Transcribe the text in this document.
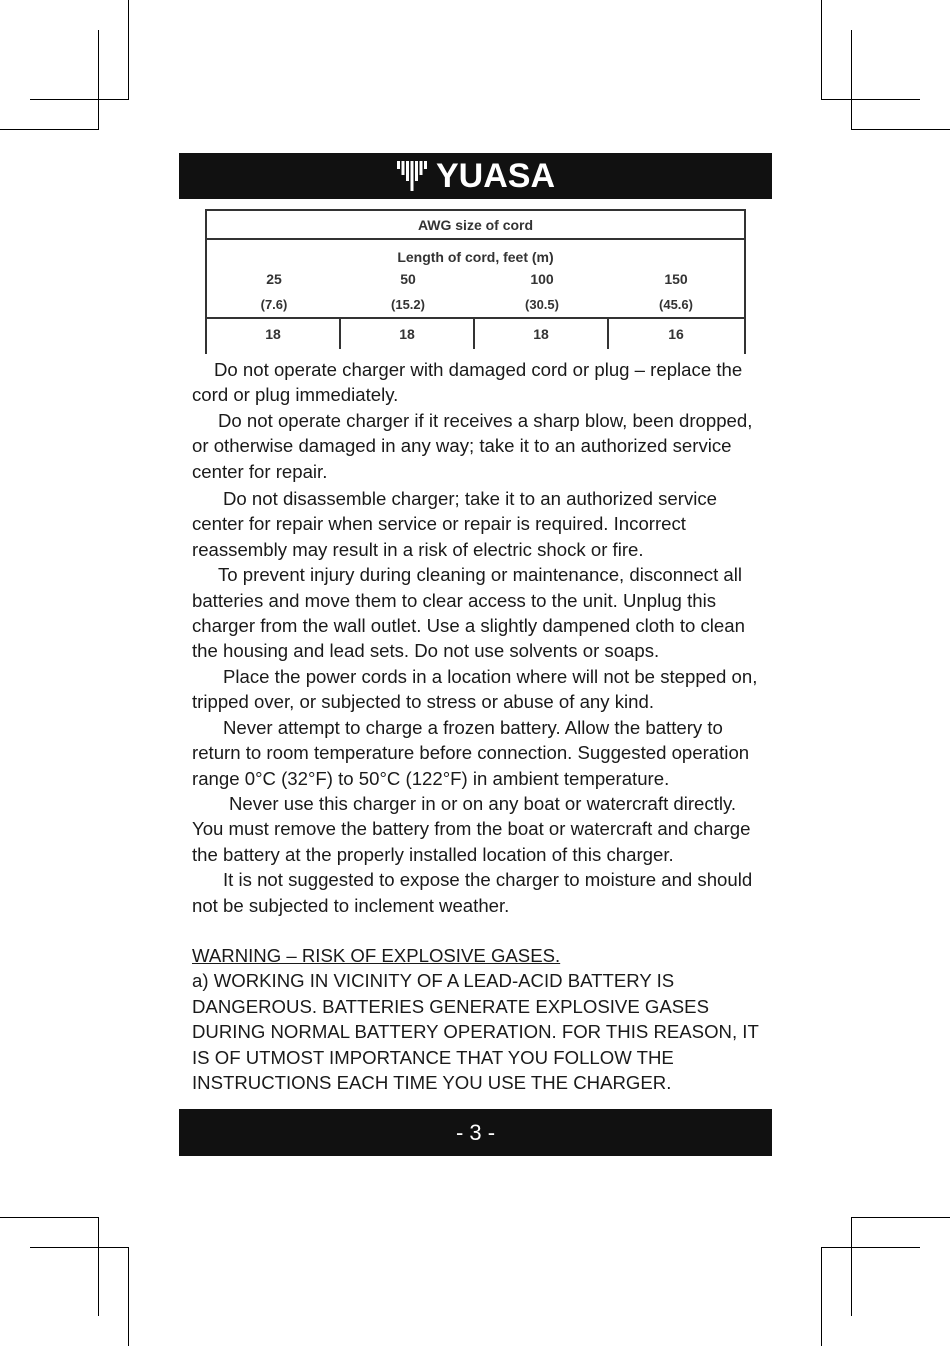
YUASA
AWG size of cord
Length of cord, feet (m)
25	50	100	150
(7.6)	(15.2)	(30.5)	(45.6)
18	18	18	16

Do not operate charger with damaged cord or plug – replace the cord or plug immediately.

Do not operate charger if it receives a sharp blow, been dropped, or otherwise damaged in any way; take it to an authorized service center for repair.

Do not disassemble charger; take it to an authorized service center for repair when service or repair is required. Incorrect reassembly may result in a risk of electric shock or fire.

To prevent injury during cleaning or maintenance, disconnect all batteries and move them to clear access to the unit. Unplug this charger from the wall outlet. Use a slightly dampened cloth to clean the housing and lead sets. Do not use solvents or soaps.

Place the power cords in a location where will not be stepped on, tripped over, or subjected to stress or abuse of any kind.

Never attempt to charge a frozen battery. Allow the battery to return to room temperature before connection. Suggested operation range 0°C (32°F) to 50°C (122°F) in ambient temperature.

Never use this charger in or on any boat or watercraft directly. You must remove the battery from the boat or watercraft and charge the battery at the properly installed location of this charger.

It is not suggested to expose the charger to moisture and should not be subjected to inclement weather.

WARNING – RISK OF EXPLOSIVE GASES.

a) WORKING IN VICINITY OF A LEAD-ACID BATTERY IS DANGEROUS. BATTERIES GENERATE EXPLOSIVE GASES DURING NORMAL BATTERY OPERATION. FOR THIS REASON, IT IS OF UTMOST IMPORTANCE THAT YOU FOLLOW THE INSTRUCTIONS EACH TIME YOU USE THE CHARGER.

- 3 -
